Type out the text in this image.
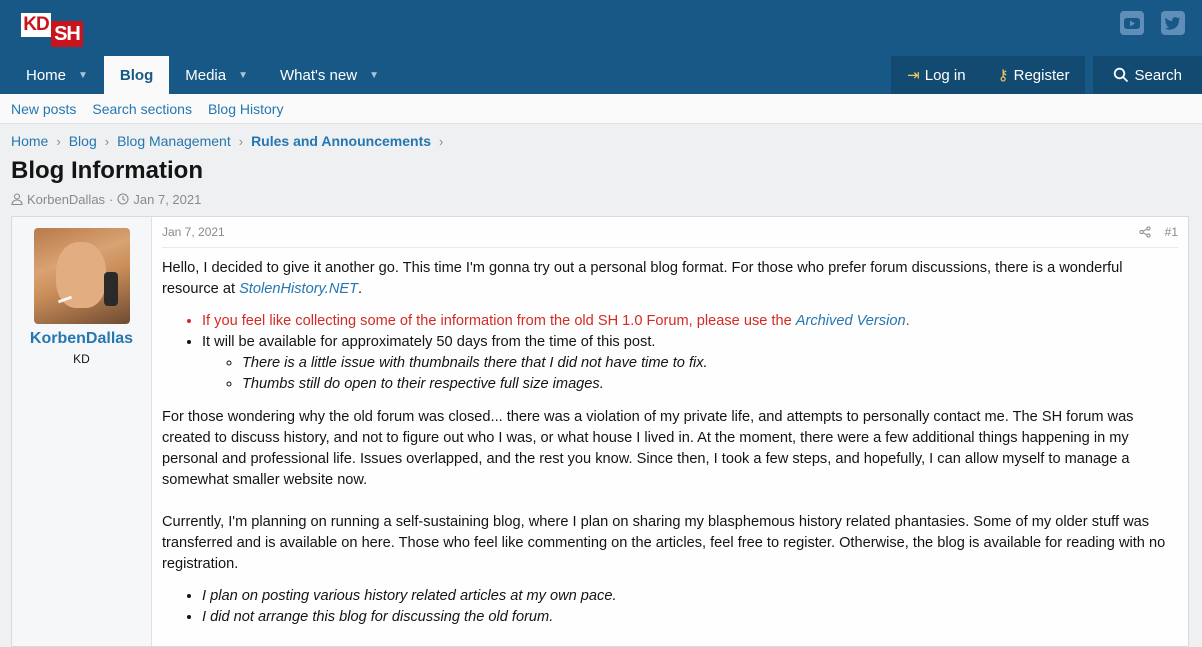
KD SH
Home ▼ Blog Media ▼ What's new ▼	⇥ Log in ⚷ Register	Search
New posts Search sections Blog History
Home › Blog › Blog Management › Rules and Announcements ›
Blog Information
KorbenDallas · Jan 7, 2021
KorbenDallas
KD
Jan 7, 2021	#1

Hello, I decided to give it another go. This time I'm gonna try out a personal blog format. For those who prefer forum discussions, there is a wonderful resource at StolenHistory.NET.

• If you feel like collecting some of the information from the old SH 1.0 Forum, please use the Archived Version.
• It will be available for approximately 50 days from the time of this post.
◦ There is a little issue with thumbnails there that I did not have time to fix.
◦ Thumbs still do open to their respective full size images.

For those wondering why the old forum was closed... there was a violation of my private life, and attempts to personally contact me. The SH forum was created to discuss history, and not to figure out who I was, or what house I lived in. At the moment, there were a few additional things happening in my personal and professional life. Issues overlapped, and the rest you know. Since then, I took a few steps, and hopefully, I can allow myself to manage a somewhat smaller website now.

Currently, I'm planning on running a self-sustaining blog, where I plan on sharing my blasphemous history related phantasies. Some of my older stuff was transferred and is available on here. Those who feel like commenting on the articles, feel free to register. Otherwise, the blog is available for reading with no registration.

• I plan on posting various history related articles at my own pace.
• I did not arrange this blog for discussing the old forum.
